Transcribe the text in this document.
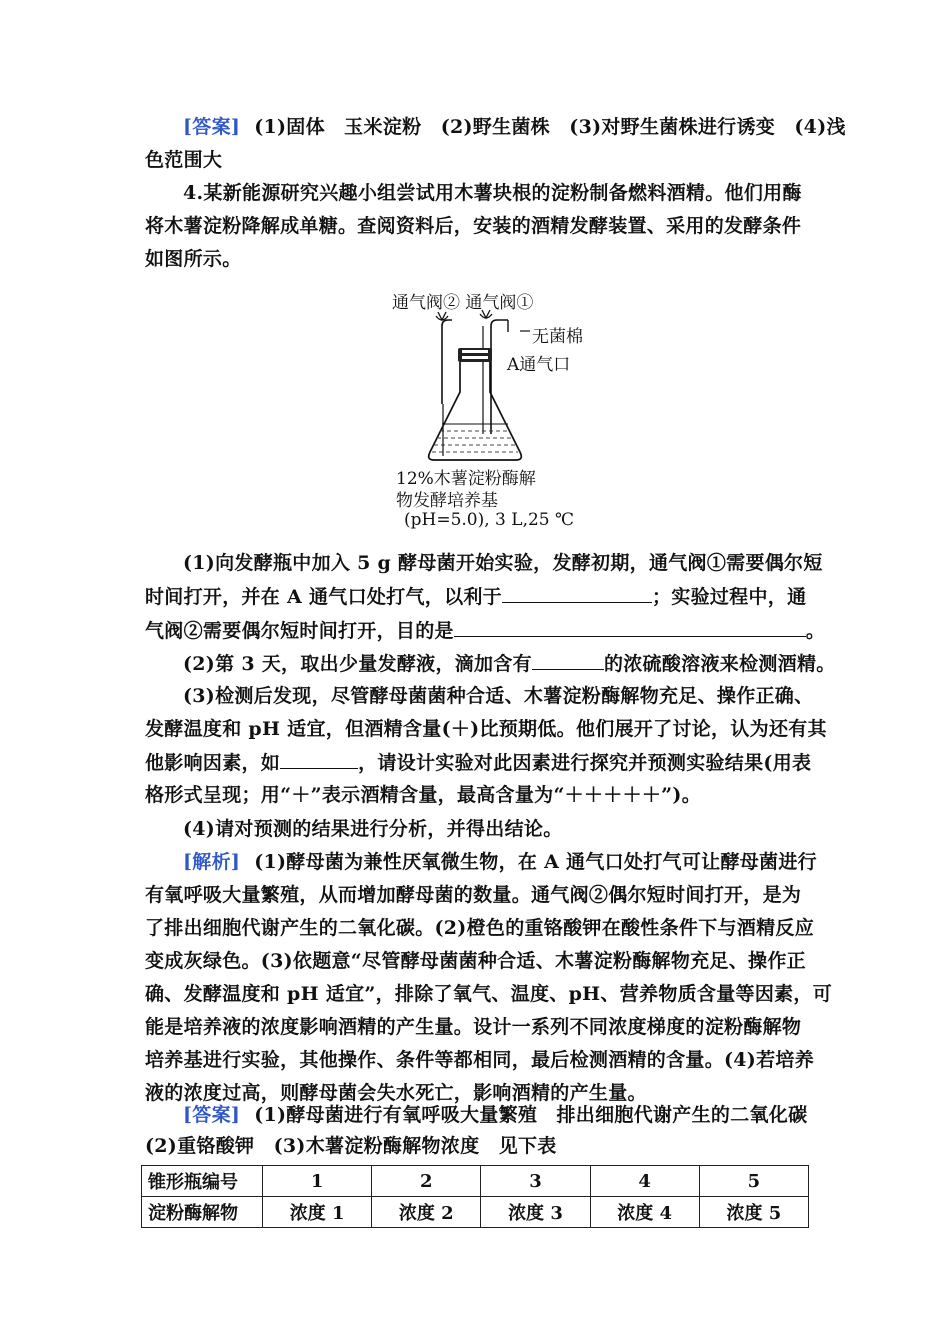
[答案] (1)固体　玉米淀粉　(2)野生菌株　(3)对野生菌株进行诱变　(4)浅
色范围大
4.某新能源研究兴趣小组尝试用木薯块根的淀粉制备燃料酒精。他们用酶
将木薯淀粉降解成单糖。查阅资料后，安装的酒精发酵装置、采用的发酵条件
如图所示。
通气阀② 通气阀①
无菌棉
A通气口
12%木薯淀粉酶解
物发酵培养基
(pH=5.0), 3 L,25 ℃
(1)向发酵瓶中加入 5 g 酵母菌开始实验，发酵初期，通气阀①需要偶尔短
时间打开，并在 A 通气口处打气，以利于	；实验过程中，通
气阀②需要偶尔短时间打开，目的是	。
(2)第 3 天，取出少量发酵液，滴加含有	的浓硫酸溶液来检测酒精。
(3)检测后发现，尽管酵母菌菌种合适、木薯淀粉酶解物充足、操作正确、
发酵温度和 pH 适宜，但酒精含量(＋)比预期低。他们展开了讨论，认为还有其
他影响因素，如	，请设计实验对此因素进行探究并预测实验结果(用表
格形式呈现；用“＋”表示酒精含量，最高含量为“＋＋＋＋＋”)。
(4)请对预测的结果进行分析，并得出结论。
[解析] (1)酵母菌为兼性厌氧微生物，在 A 通气口处打气可让酵母菌进行
有氧呼吸大量繁殖，从而增加酵母菌的数量。通气阀②偶尔短时间打开，是为
了排出细胞代谢产生的二氧化碳。(2)橙色的重铬酸钾在酸性条件下与酒精反应
变成灰绿色。(3)依题意“尽管酵母菌菌种合适、木薯淀粉酶解物充足、操作正
确、发酵温度和 pH 适宜”，排除了氧气、温度、pH、营养物质含量等因素，可
能是培养液的浓度影响酒精的产生量。设计一系列不同浓度梯度的淀粉酶解物
培养基进行实验，其他操作、条件等都相同，最后检测酒精的含量。(4)若培养
液的浓度过高，则酵母菌会失水死亡，影响酒精的产生量。
[答案] (1)酵母菌进行有氧呼吸大量繁殖　排出细胞代谢产生的二氧化碳
(2)重铬酸钾　(3)木薯淀粉酶解物浓度　见下表
锥形瓶编号	1	2	3	4	5
淀粉酶解物	浓度 1	浓度 2	浓度 3	浓度 4	浓度 5
